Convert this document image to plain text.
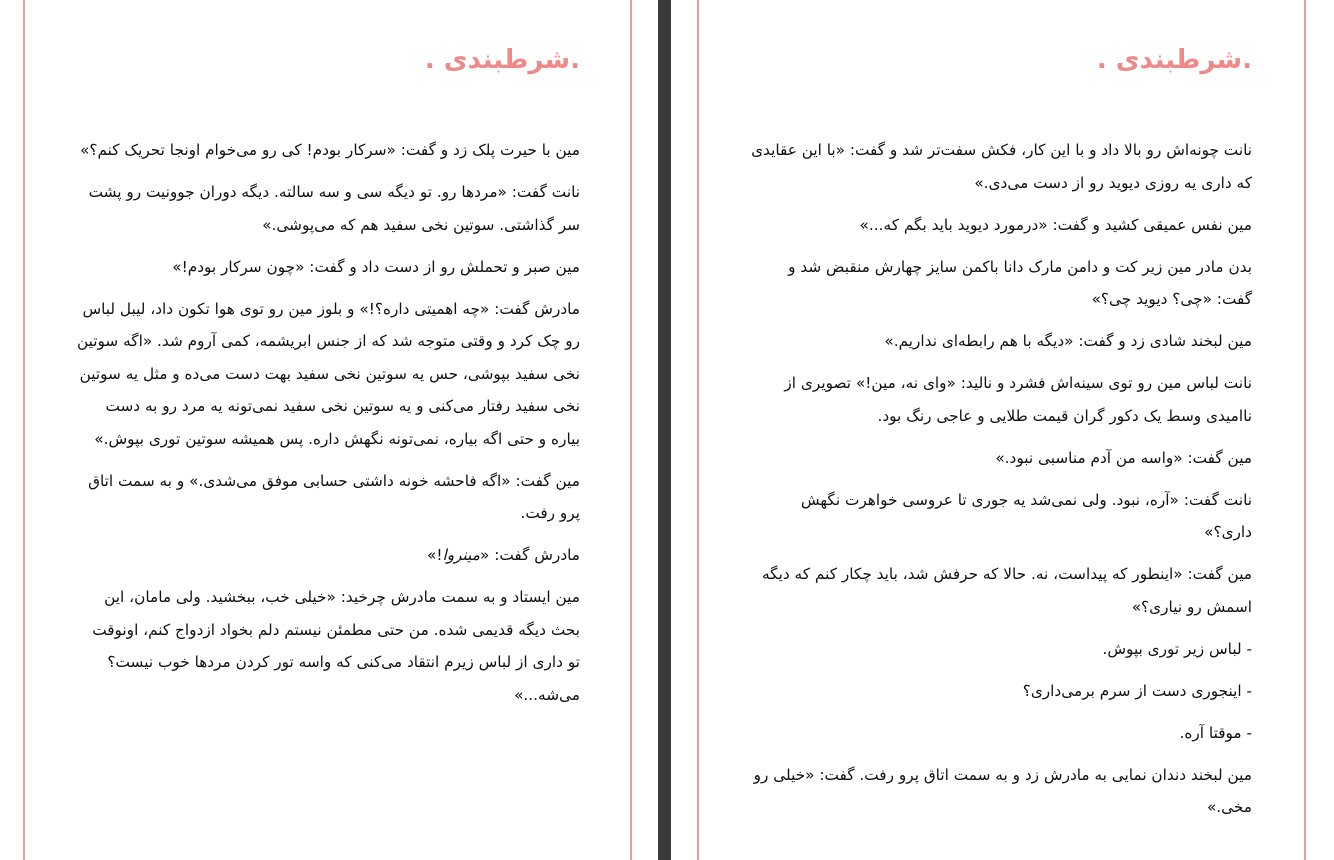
.شرطبندی .

مین با حیرت پلک زد و گفت: «سرکار بودم! کی رو می‌خوام اونجا تحریک کنم؟»

نانت گفت: «مردها رو. تو دیگه سی و سه سالته. دیگه دوران جوونیت رو پشت سر گذاشتی. سوتین نخی سفید هم که می‌پوشی.»

مین صبر و تحملش رو از دست داد و گفت: «چون سرکار بودم!»

مادرش گفت: «چه اهمیتی داره؟!» و بلوز مین رو توی هوا تکون داد، لیبل لباس رو چک کرد و وقتی متوجه شد که از جنس ابریشمه، کمی آروم شد. «اگه سوتین نخی سفید بپوشی، حس یه سوتین نخی سفید بهت دست می‌ده و مثل یه سوتین نخی سفید رفتار می‌کنی و یه سوتین نخی سفید نمی‌تونه یه مرد رو به دست بیاره و حتی اگه بیاره، نمی‌تونه نگهش داره. پس همیشه سوتین توری بپوش.»

مین گفت: «اگه فاحشه خونه داشتی حسابی موفق می‌شدی.» و به سمت اتاق پرو رفت.

مادرش گفت: «مینروا!»

مین ایستاد و به سمت مادرش چرخید: «خیلی خب، ببخشید. ولی مامان، این بحث دیگه قدیمی شده. من حتی مطمئن نیستم دلم بخواد ازدواج کنم، اونوقت تو داری از لباس زیرم انتقاد می‌کنی که واسه تور کردن مردها خوب نیست؟ می‌شه...»

.شرطبندی .

نانت چونه‌اش رو بالا داد و با این کار، فکش سفت‌تر شد و گفت: «با این عقایدی که داری یه روزی دیوید رو از دست می‌دی.»

مین نفس عمیقی کشید و گفت: «درمورد دیوید باید بگم که...»

بدن مادر مین زیر کت و دامن مارک دانا باکمن سایز چهارش منقبض شد و گفت: «چی؟ دیوید چی؟»

مین لبخند شادی زد و گفت: «دیگه با هم رابطه‌ای نداریم.»

نانت لباس مین رو توی سینه‌اش فشرد و نالید: «وای نه، مین!» تصویری از ناامیدی وسط یک دکور گران قیمت طلایی و عاجی رنگ بود.

مین گفت: «واسه من آدم مناسبی نبود.»

نانت گفت: «آره، نبود. ولی نمی‌شد یه جوری تا عروسی خواهرت نگهش داری؟»

مین گفت: «اینطور که پیداست، نه. حالا که حرفش شد، باید چکار کنم که دیگه اسمش رو نیاری؟»

- لباس زیر توری بپوش.

- اینجوری دست از سرم برمی‌داری؟

- موقتا آره.

مین لبخند دندان نمایی به مادرش زد و به سمت اتاق پرو رفت. گفت: «خیلی رو مخی.»
